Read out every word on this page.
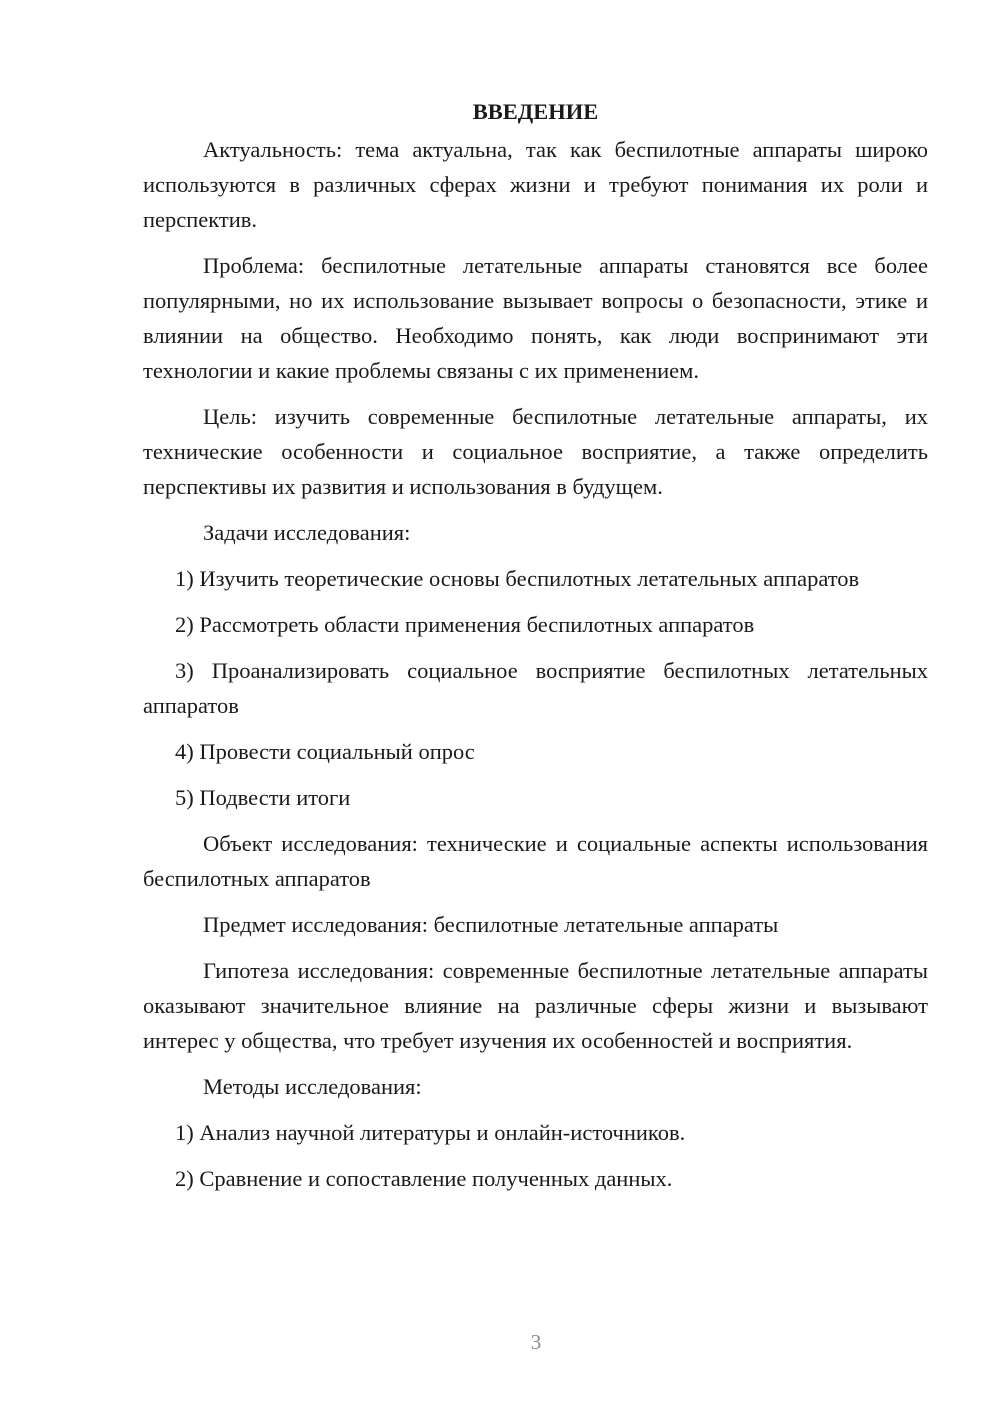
ВВЕДЕНИЕ
Актуальность: тема актуальна, так как беспилотные аппараты широко используются в различных сферах жизни и требуют понимания их роли и перспектив.
Проблема: беспилотные летательные аппараты становятся все более популярными, но их использование вызывает вопросы о безопасности, этике и влиянии на общество. Необходимо понять, как люди воспринимают эти технологии и какие проблемы связаны с их применением.
Цель: изучить современные беспилотные летательные аппараты, их технические особенности и социальное восприятие, а также определить перспективы их развития и использования в будущем.
Задачи исследования:
1) Изучить теоретические основы беспилотных летательных аппаратов
2) Рассмотреть области применения беспилотных аппаратов
3) Проанализировать социальное восприятие беспилотных летательных аппаратов
4) Провести социальный опрос
5) Подвести итоги
Объект исследования: технические и социальные аспекты использования беспилотных аппаратов
Предмет исследования: беспилотные летательные аппараты
Гипотеза исследования: современные беспилотные летательные аппараты оказывают значительное влияние на различные сферы жизни и вызывают интерес у общества, что требует изучения их особенностей и восприятия.
Методы исследования:
1) Анализ научной литературы и онлайн-источников.
2) Сравнение и сопоставление полученных данных.
3
